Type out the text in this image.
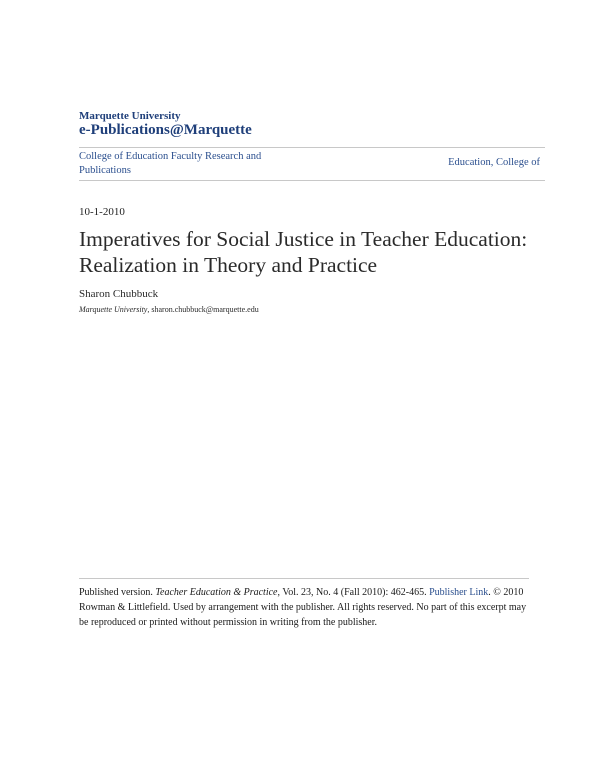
Marquette University
e-Publications@Marquette
College of Education Faculty Research and Publications
Education, College of
10-1-2010
Imperatives for Social Justice in Teacher Education: Realization in Theory and Practice
Sharon Chubbuck
Marquette University, sharon.chubbuck@marquette.edu
Published version. Teacher Education & Practice, Vol. 23, No. 4 (Fall 2010): 462-465. Publisher Link. © 2010 Rowman & Littlefield. Used by arrangement with the publisher. All rights reserved. No part of this excerpt may be reproduced or printed without permission in writing from the publisher.
